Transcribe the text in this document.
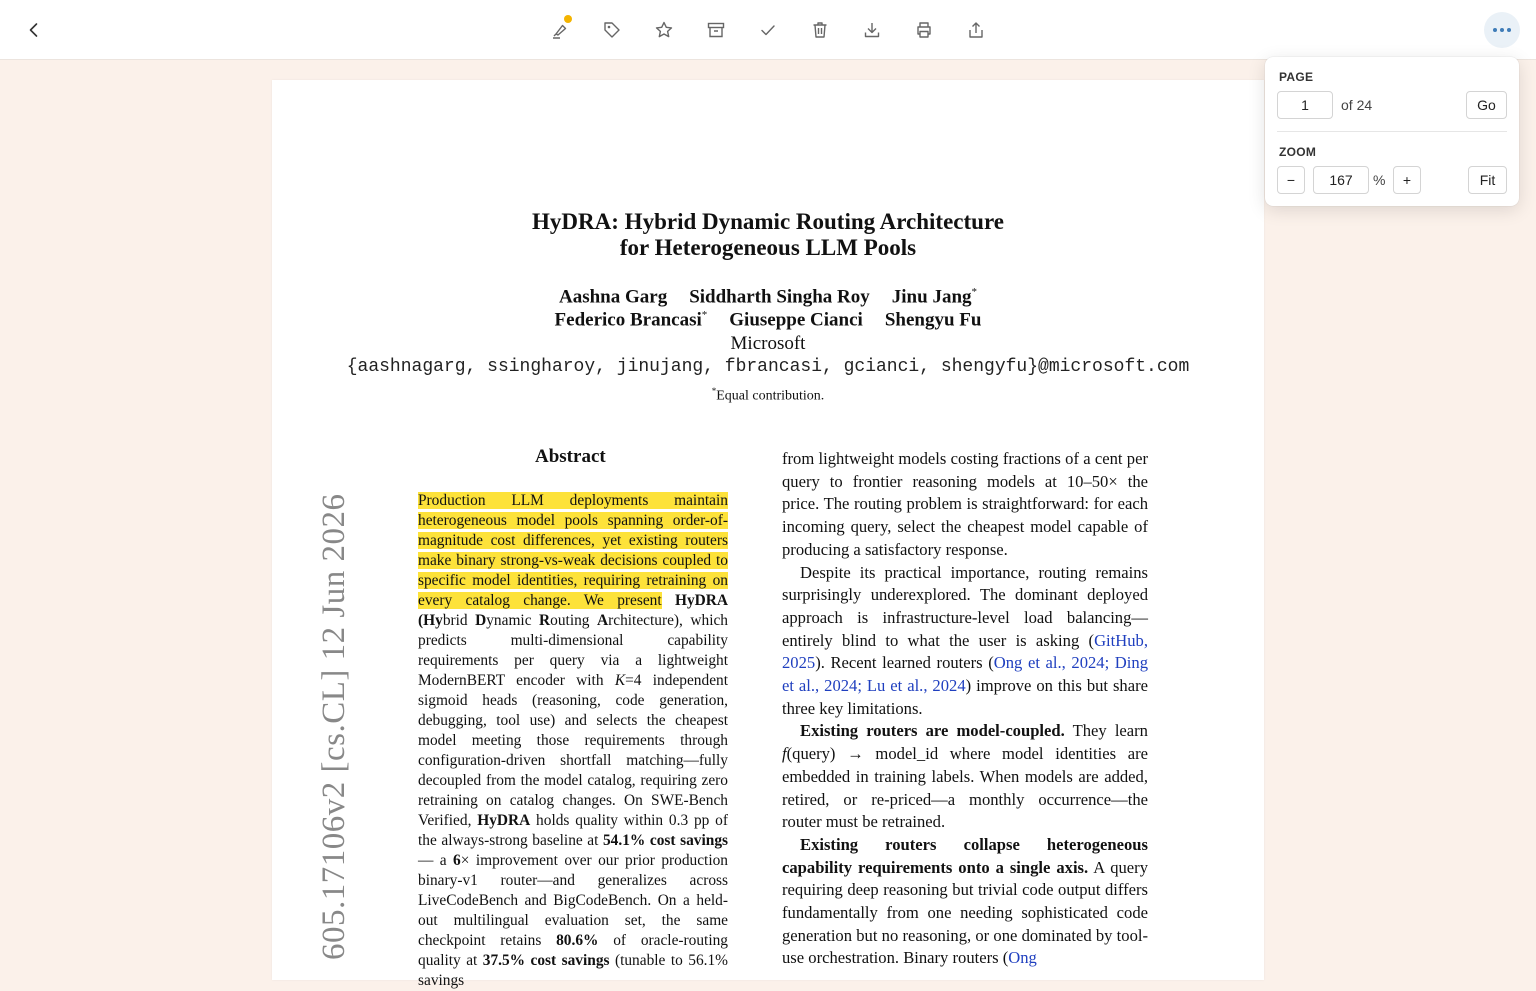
HyDRA: Hybrid Dynamic Routing Architecture
for Heterogeneous LLM Pools
Aashna Garg Siddharth Singha Roy Jinu Jang*
Federico Brancasi* Giuseppe Cianci Shengyu Fu
Microsoft
{aashnagarg, ssingharoy, jinujang, fbrancasi, gcianci, shengyfu}@microsoft.com
*Equal contribution.
Abstract
Production LLM deployments maintain heterogeneous model pools spanning order-of-magnitude cost differences, yet existing routers make binary strong-vs-weak decisions coupled to specific model identities, requiring retraining on every catalog change. We present HyDRA (Hybrid Dynamic Routing Architecture), which predicts multi-dimensional capability requirements per query via a lightweight ModernBERT encoder with K=4 independent sigmoid heads (reasoning, code generation, debugging, tool use) and selects the cheapest model meeting those requirements through configuration-driven shortfall matching—fully decoupled from the model catalog, requiring zero retraining on catalog changes. On SWE-Bench Verified, HyDRA holds quality within 0.3 pp of the always-strong baseline at 54.1% cost savings— a 6× improvement over our prior production binary-v1 router—and generalizes across LiveCodeBench and BigCodeBench. On a held-out multilingual evaluation set, the same checkpoint retains 80.6% of oracle-routing quality at 37.5% cost savings (tunable to 56.1% savings

from lightweight models costing fractions of a cent per query to frontier reasoning models at 10–50× the price. The routing problem is straightforward: for each incoming query, select the cheapest model capable of producing a satisfactory response.

Despite its practical importance, routing remains surprisingly underexplored. The dominant deployed approach is infrastructure-level load balancing—entirely blind to what the user is asking (GitHub, 2025). Recent learned routers (Ong et al., 2024; Ding et al., 2024; Lu et al., 2024) improve on this but share three key limitations.

Existing routers are model-coupled. They learn f(query) → model_id where model identities are embedded in training labels. When models are added, retired, or re-priced—a monthly occurrence—the router must be retrained.

Existing routers collapse heterogeneous capability requirements onto a single axis. A query requiring deep reasoning but trivial code output differs fundamentally from one needing sophisticated code generation but no reasoning, or one dominated by tool-use orchestration. Binary routers (Ong

605.17106v2 [cs.CL] 12 Jun 2026
PAGE
1
of 24	Go
ZOOM
−
167	%	+	Fit
